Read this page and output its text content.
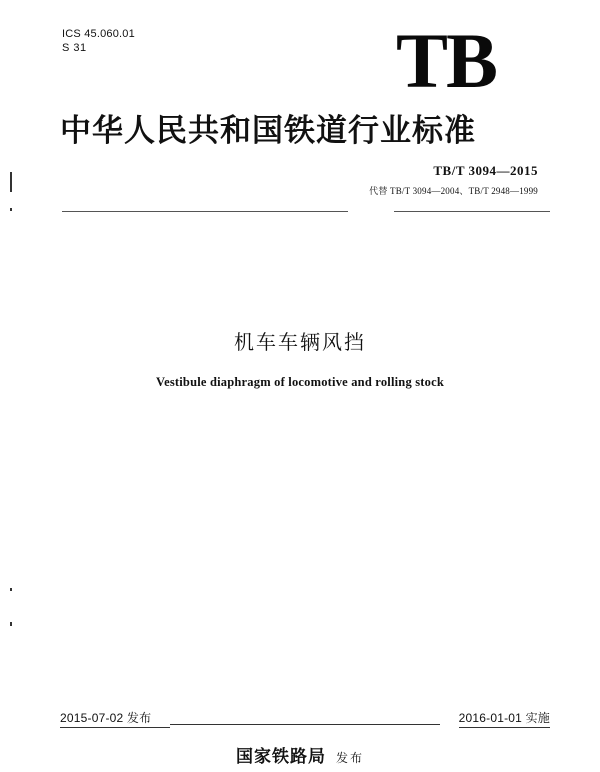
ICS 45.060.01
S 31	TB
中华人民共和国铁道行业标准
TB/T 3094—2015
代替 TB/T 3094—2004、TB/T 2948—1999
机车车辆风挡
Vestibule diaphragm of locomotive and rolling stock
2015-07-02 发布	2016-01-01 实施
国家铁路局 发布
